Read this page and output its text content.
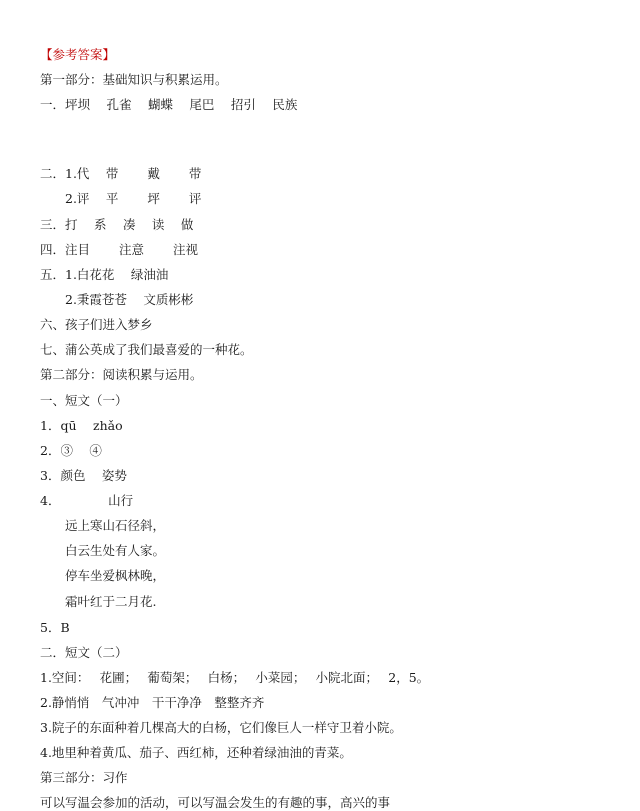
【参考答案】
第一部分：基础知识与积累运用。
一．坪坝　 孔雀　 蝴蝶　 尾巴　 招引　 民族
二．1.代　 带　　 戴　　 带
2.评　 平　　 坪　　 评
三．打　 系　 凑　 读　 做
四．注目　　 注意　　 注视
五．1.白花花　 绿油油
2.秉霞苍苍　 文质彬彬
六、孩子们进入梦乡
七、蒲公英成了我们最喜爱的一种花。
第二部分：阅读积累与运用。
一、短文（一）
1．qū　 zhǎo
2．③　 ④
3．颜色　 姿势
4．　　　　 山行
远上寒山石径斜，
白云生处有人家。
停车坐爱枫林晚，
霜叶红于二月花.
5．B
二．短文（二）
1.空间：　 花圃；　 葡萄架；　 白杨；　 小菜园；　 小院北面；　 2，5。
2.静悄悄　气冲冲　干干净净　整整齐齐
3.院子的东面种着几棵高大的白杨，它们像巨人一样守卫着小院。
4.地里种着黄瓜、茄子、西红柿，还种着绿油油的青菜。
第三部分：习作
可以写温会参加的活动，可以写温会发生的有趣的事，高兴的事
